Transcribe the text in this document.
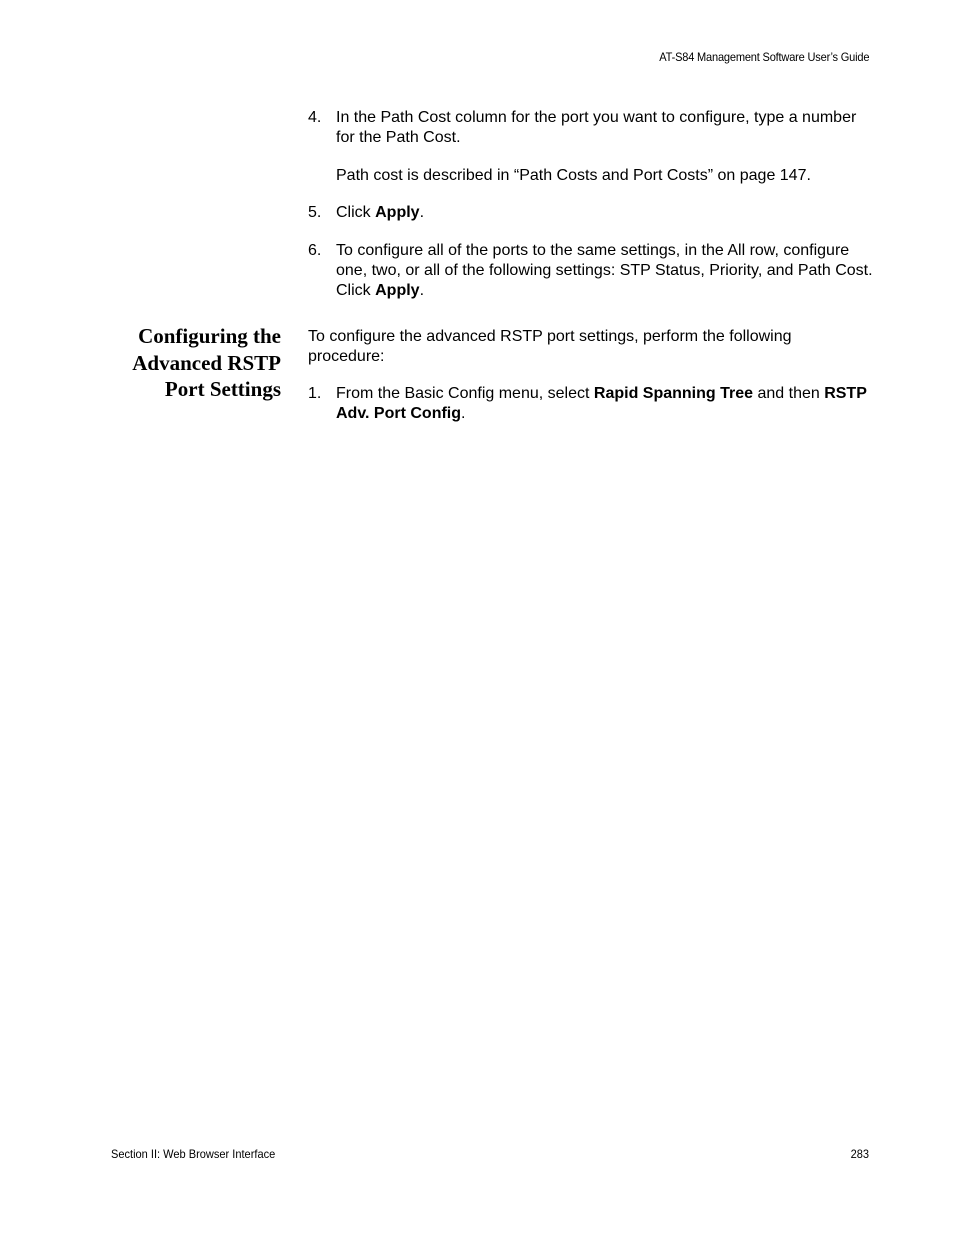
AT-S84 Management Software User’s Guide
4. In the Path Cost column for the port you want to configure, type a number for the Path Cost.
Path cost is described in “Path Costs and Port Costs” on page 147.
5. Click Apply.
6. To configure all of the ports to the same settings, in the All row, configure one, two, or all of the following settings: STP Status, Priority, and Path Cost. Click Apply.
Configuring the
Advanced RSTP
Port Settings
To configure the advanced RSTP port settings, perform the following procedure:
1. From the Basic Config menu, select Rapid Spanning Tree and then RSTP Adv. Port Config.
Section II: Web Browser Interface	283
